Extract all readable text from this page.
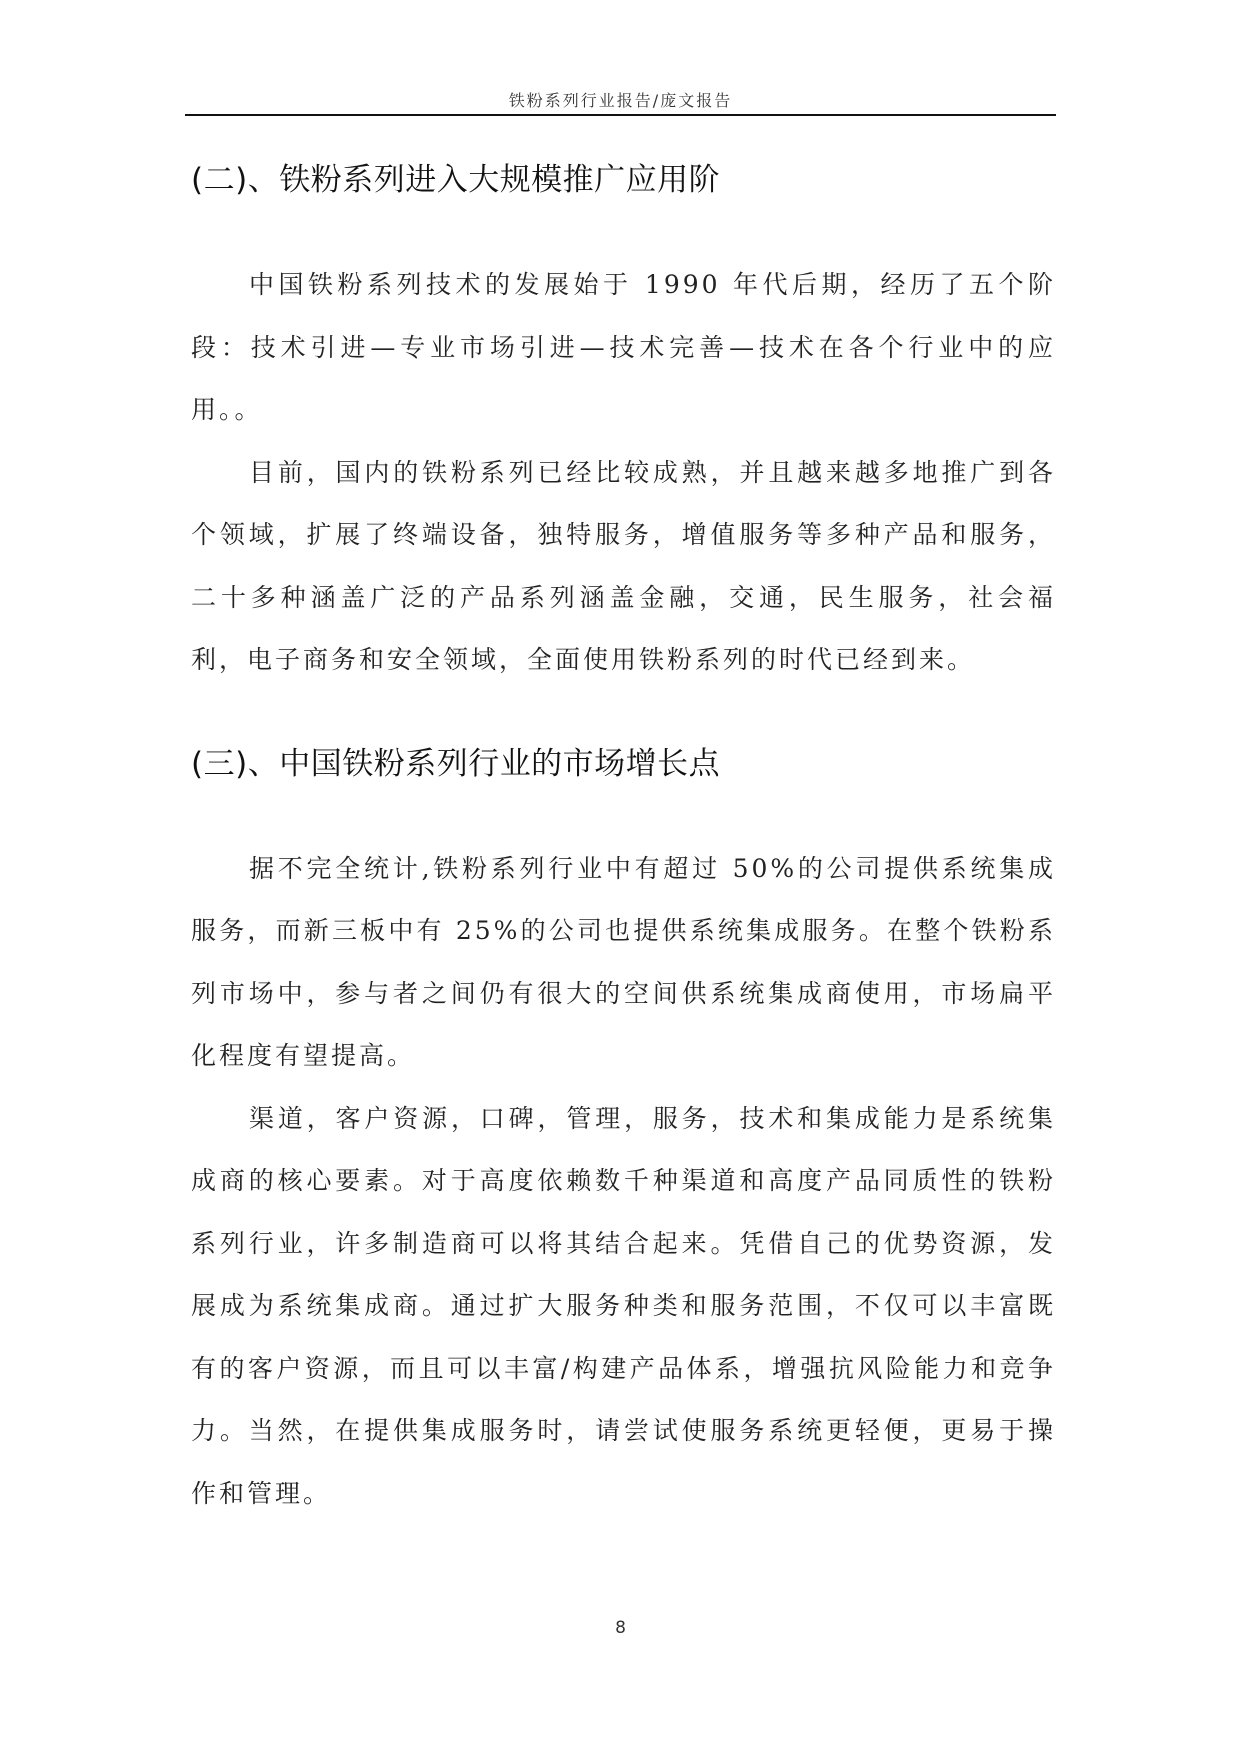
铁粉系列行业报告/庞文报告
(二)、铁粉系列进入大规模推广应用阶

中国铁粉系列技术的发展始于 1990 年代后期，经历了五个阶段：技术引进—专业市场引进—技术完善—技术在各个行业中的应用。。

目前，国内的铁粉系列已经比较成熟，并且越来越多地推广到各个领域，扩展了终端设备，独特服务，增值服务等多种产品和服务，二十多种涵盖广泛的产品系列涵盖金融，交通，民生服务，社会福利，电子商务和安全领域，全面使用铁粉系列的时代已经到来。

(三)、中国铁粉系列行业的市场增长点

据不完全统计,铁粉系列行业中有超过 50%的公司提供系统集成服务，而新三板中有 25%的公司也提供系统集成服务。在整个铁粉系列市场中，参与者之间仍有很大的空间供系统集成商使用，市场扁平化程度有望提高。

渠道，客户资源，口碑，管理，服务，技术和集成能力是系统集成商的核心要素。对于高度依赖数千种渠道和高度产品同质性的铁粉系列行业，许多制造商可以将其结合起来。凭借自己的优势资源，发展成为系统集成商。通过扩大服务种类和服务范围，不仅可以丰富既有的客户资源，而且可以丰富/构建产品体系，增强抗风险能力和竞争力。当然，在提供集成服务时，请尝试使服务系统更轻便，更易于操作和管理。

8
